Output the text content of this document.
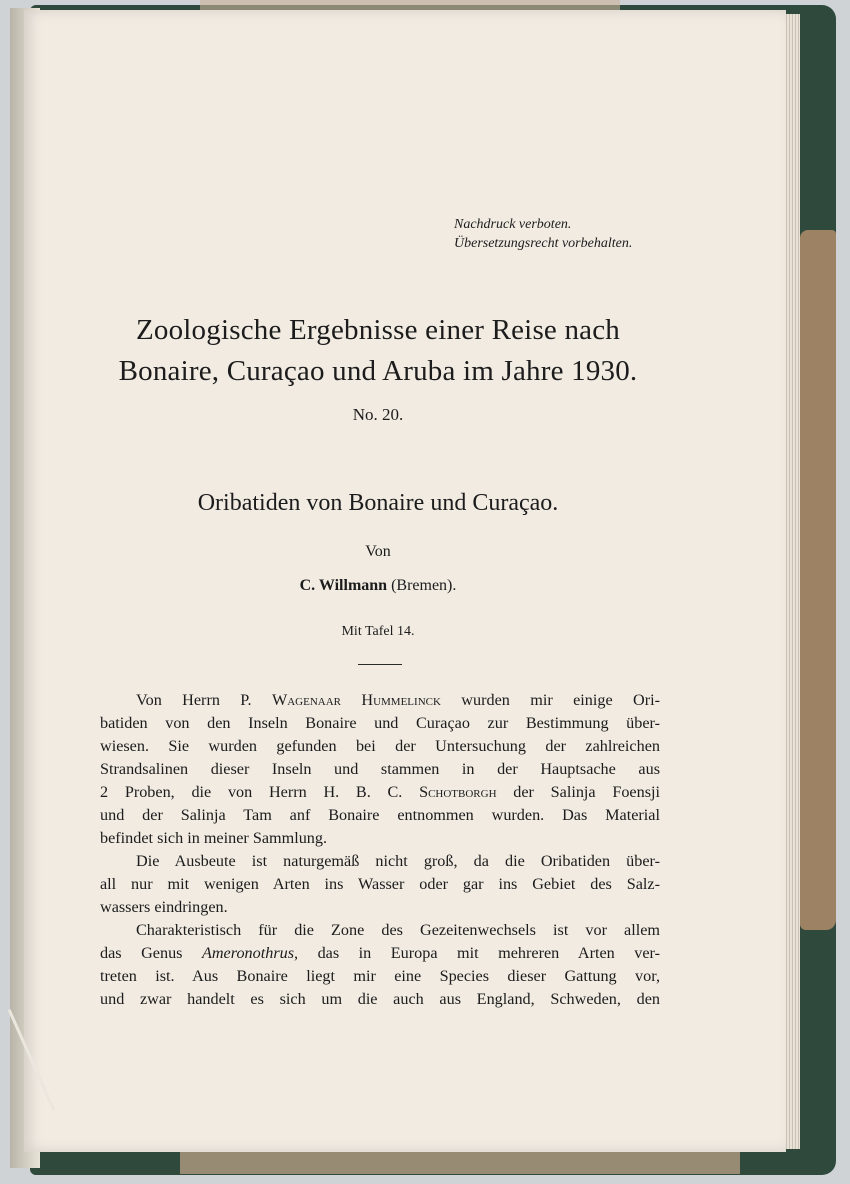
Nachdruck verboten.
Übersetzungsrecht vorbehalten.
Zoologische Ergebnisse einer Reise nach
Bonaire, Curaçao und Aruba im Jahre 1930.
No. 20.
Oribatiden von Bonaire und Curaçao.
Von
C. Willmann (Bremen).
Mit Tafel 14.
Von Herrn P. Wagenaar Hummelinck wurden mir einige Ori-
batiden von den Inseln Bonaire und Curaçao zur Bestimmung über-
wiesen. Sie wurden gefunden bei der Untersuchung der zahlreichen
Strandsalinen dieser Inseln und stammen in der Hauptsache aus
2 Proben, die von Herrn H. B. C. Schotborgh der Salinja Foensji
und der Salinja Tam anf Bonaire entnommen wurden. Das Material
befindet sich in meiner Sammlung.
Die Ausbeute ist naturgemäß nicht groß, da die Oribatiden über-
all nur mit wenigen Arten ins Wasser oder gar ins Gebiet des Salz-
wassers eindringen.
Charakteristisch für die Zone des Gezeitenwechsels ist vor allem
das Genus Ameronothrus, das in Europa mit mehreren Arten ver-
treten ist. Aus Bonaire liegt mir eine Species dieser Gattung vor,
und zwar handelt es sich um die auch aus England, Schweden, den
